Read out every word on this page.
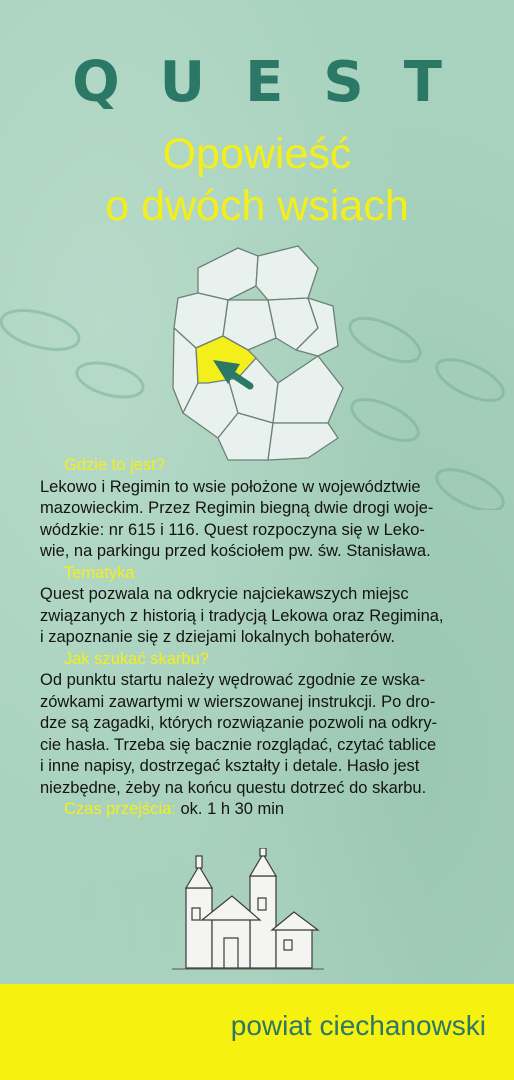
QUEST
Opowieść
o dwóch wsiach
Gdzie to jest?
Lekowo i Regimin to wsie położone w województwie
mazowieckim. Przez Regimin biegną dwie drogi woje-
wódzkie: nr 615 i 116. Quest rozpoczyna się w Leko-
wie, na parkingu przed kościołem pw. św. Stanisława.
Tematyka
Quest pozwala na odkrycie najciekawszych miejsc
związanych z historią i tradycją Lekowa oraz Regimina,
i zapoznanie się z dziejami lokalnych bohaterów.
Jak szukać skarbu?
Od punktu startu należy wędrować zgodnie ze wska-
zówkami zawartymi w wierszowanej instrukcji. Po dro-
dze są zagadki, których rozwiązanie pozwoli na odkry-
cie hasła. Trzeba się bacznie rozglądać, czytać tablice
i inne napisy, dostrzegać kształty i detale. Hasło jest
niezbędne, żeby na końcu questu dotrzeć do skarbu.
Czas przejścia: ok. 1 h 30 min
powiat ciechanowski
